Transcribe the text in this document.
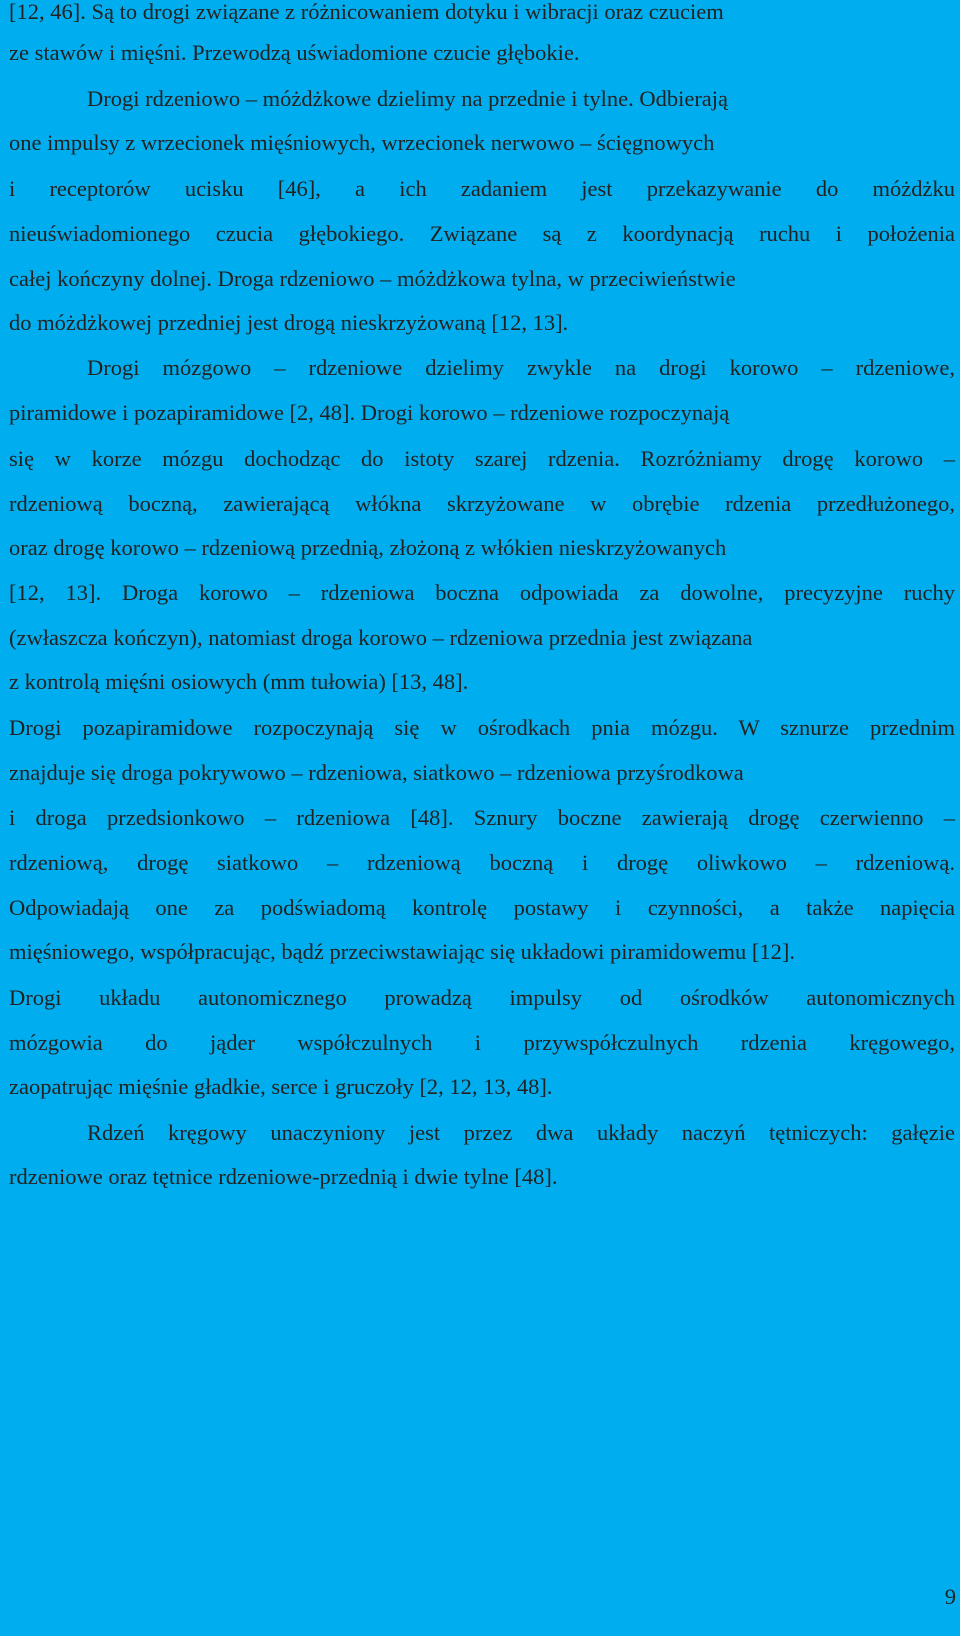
[12, 46]. Są to drogi związane z różnicowaniem dotyku i wibracji oraz czuciem
ze stawów i mięśni. Przewodzą uświadomione czucie głębokie.
Drogi rdzeniowo – móżdżkowe dzielimy na przednie i tylne. Odbierają
one impulsy z wrzecionek mięśniowych, wrzecionek nerwowo – ścięgnowych
i receptorów ucisku [46], a ich zadaniem jest przekazywanie do móżdżku
nieuświadomionego czucia głębokiego. Związane są z koordynacją ruchu i położenia
całej kończyny dolnej. Droga rdzeniowo – móżdżkowa tylna, w przeciwieństwie
do móżdżkowej przedniej jest drogą nieskrzyżowaną [12, 13].
Drogi mózgowo – rdzeniowe dzielimy zwykle na drogi korowo – rdzeniowe,
piramidowe i pozapiramidowe [2, 48]. Drogi korowo – rdzeniowe rozpoczynają
się w korze mózgu dochodząc do istoty szarej rdzenia. Rozróżniamy drogę korowo –
rdzeniową boczną, zawierającą włókna skrzyżowane w obrębie rdzenia przedłużonego,
oraz drogę korowo – rdzeniową przednią, złożoną z włókien nieskrzyżowanych
[12, 13]. Droga korowo – rdzeniowa boczna odpowiada za dowolne, precyzyjne ruchy
(zwłaszcza kończyn), natomiast droga korowo – rdzeniowa przednia jest związana
z kontrolą mięśni osiowych (mm tułowia) [13, 48].
Drogi pozapiramidowe rozpoczynają się w ośrodkach pnia mózgu. W sznurze przednim
znajduje się droga pokrywowo – rdzeniowa, siatkowo – rdzeniowa przyśrodkowa
i droga przedsionkowo – rdzeniowa [48]. Sznury boczne zawierają drogę czerwienno –
rdzeniową, drogę siatkowo – rdzeniową boczną i drogę oliwkowo – rdzeniową.
Odpowiadają one za podświadomą kontrolę postawy i czynności, a także napięcia
mięśniowego, współpracując, bądź przeciwstawiając się układowi piramidowemu [12].
Drogi układu autonomicznego prowadzą impulsy od ośrodków autonomicznych
mózgowia do jąder współczulnych i przywspółczulnych rdzenia kręgowego,
zaopatrując mięśnie gładkie, serce i gruczoły [2, 12, 13, 48].
Rdzeń kręgowy unaczyniony jest przez dwa układy naczyń tętniczych: gałęzie
rdzeniowe oraz tętnice rdzeniowe-przednią i dwie tylne [48].
9
